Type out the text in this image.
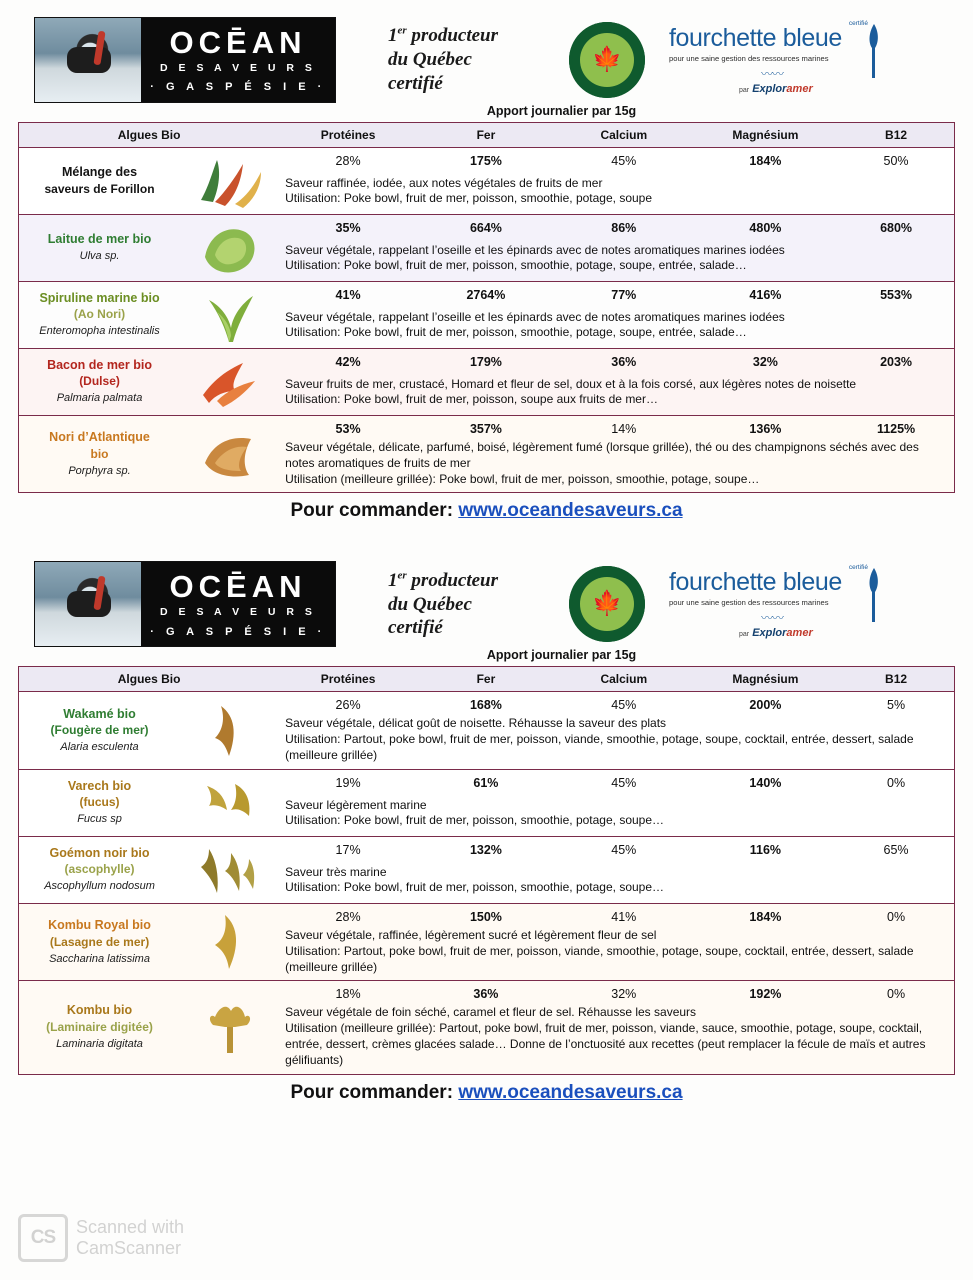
OCĒAN
D E S A V E U R S
· G A S P É S I E ·
1er producteur
du Québec
certifié
🍁
certifié
fourchette bleue
pour une saine gestion des ressources marines
〰〰
par Exploramer
Apport journalier par 15g
Algues Bio		Protéines	Fer	Calcium	Magnésium	B12
Mélange des
saveurs de Forillon		28%	175%	45%	184%	50%

		Saveur raffinée, iodée, aux notes végétales de fruits de mer
Utilisation: Poke bowl, fruit de mer, poisson, smoothie, potage, soupe				

Laitue de mer bio
Ulva sp.		35%	664%	86%	480%	680%

		Saveur végétale, rappelant l’oseille et les épinards avec de notes aromatiques marines iodées
Utilisation: Poke bowl, fruit de mer, poisson, smoothie, potage, soupe, entrée, salade…				

Spiruline marine bio
(Ao Nori)
Enteromopha intestinalis		41%	2764%	77%	416%	553%

		Saveur végétale, rappelant l’oseille et les épinards avec de notes aromatiques marines iodées
Utilisation: Poke bowl, fruit de mer, poisson, smoothie, potage, soupe, entrée, salade…				

Bacon de mer bio
(Dulse)
Palmaria palmata		42%	179%	36%	32%	203%

		Saveur fruits de mer, crustacé, Homard et fleur de sel, doux et à la fois corsé, aux légères notes de noisette
Utilisation: Poke bowl, fruit de mer, poisson, soupe aux fruits de mer…				

Nori d’Atlantique
bio
Porphyra sp.		53%	357%	14%	136%	1125%

		Saveur végétale, délicate, parfumé, boisé, légèrement fumé (lorsque grillée), thé ou des champignons séchés avec des notes aromatiques de fruits de mer
Utilisation (meilleure grillée): Poke bowl, fruit de mer, poisson, smoothie, potage, soupe…				
Pour commander: www.oceandesaveurs.ca
OCĒAN
D E S A V E U R S
· G A S P É S I E ·
1er producteur
du Québec
certifié
🍁
certifié
fourchette bleue
pour une saine gestion des ressources marines
〰〰
par Exploramer
Apport journalier par 15g
Algues Bio		Protéines	Fer	Calcium	Magnésium	B12
Wakamé bio
(Fougère de mer)
Alaria esculenta		26%	168%	45%	200%	5%

		Saveur végétale, délicat goût de noisette. Réhausse la saveur des plats
Utilisation: Partout, poke bowl, fruit de mer, poisson, viande, smoothie, potage, soupe, cocktail, entrée, dessert, salade (meilleure grillée)				

Varech bio
(fucus)
Fucus sp		19%	61%	45%	140%	0%

		Saveur légèrement marine
Utilisation: Poke bowl, fruit de mer, poisson, smoothie, potage, soupe…				

Goémon noir bio
(ascophylle)
Ascophyllum nodosum		17%	132%	45%	116%	65%

		Saveur très marine
Utilisation: Poke bowl, fruit de mer, poisson, smoothie, potage, soupe…				

Kombu Royal bio
(Lasagne de mer)
Saccharina latissima		28%	150%	41%	184%	0%

		Saveur végétale, raffinée, légèrement sucré et légèrement fleur de sel
Utilisation: Partout, poke bowl, fruit de mer, poisson, viande, smoothie, potage, soupe, cocktail, entrée, dessert, salade (meilleure grillée)				

Kombu bio
(Laminaire digitée)
Laminaria digitata		18%	36%	32%	192%	0%

		Saveur végétale de foin séché, caramel et fleur de sel. Réhausse les saveurs
Utilisation (meilleure grillée): Partout, poke bowl, fruit de mer, poisson, viande, sauce, smoothie, potage, soupe, cocktail, entrée, dessert, crèmes glacées salade… Donne de l’onctuosité aux recettes (peut remplacer la fécule de maïs et autres gélifiuants)				
Pour commander: www.oceandesaveurs.ca
CS	Scanned with
CamScanner
